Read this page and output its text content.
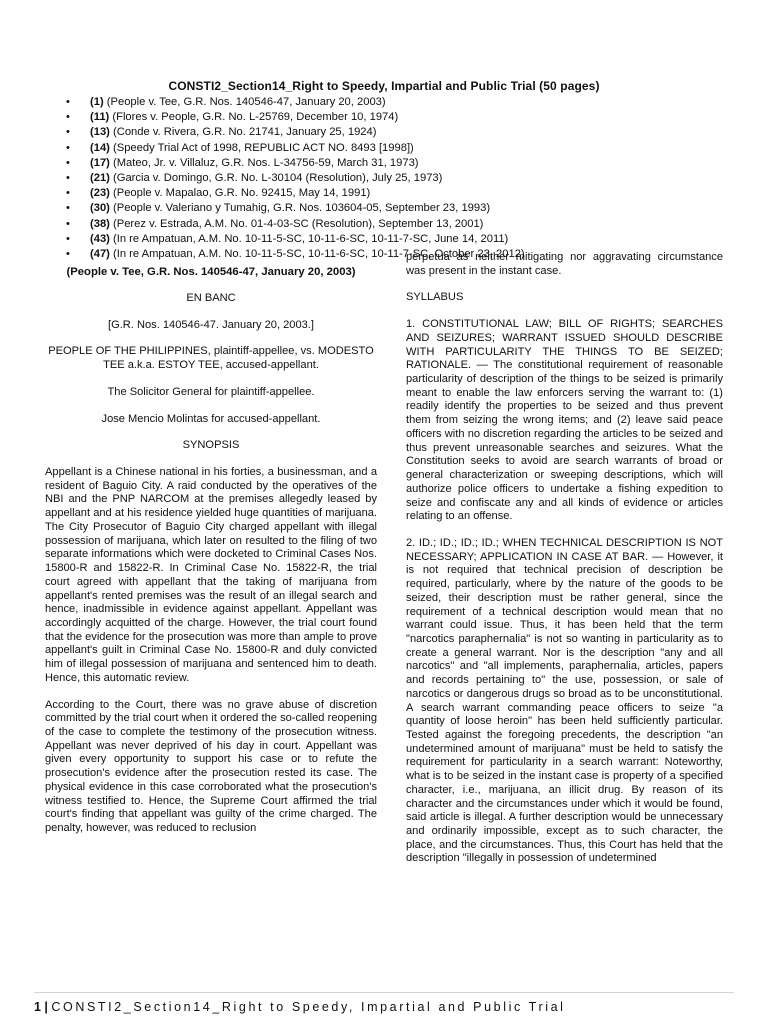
CONSTI2_Section14_Right to Speedy, Impartial and Public Trial (50 pages)
•(1) (People v. Tee, G.R. Nos. 140546-47, January 20, 2003)
•(11) (Flores v. People, G.R. No. L-25769, December 10, 1974)
•(13) (Conde v. Rivera, G.R. No. 21741, January 25, 1924)
•(14) (Speedy Trial Act of 1998, REPUBLIC ACT NO. 8493 [1998])
•(17) (Mateo, Jr. v. Villaluz, G.R. Nos. L-34756-59, March 31, 1973)
•(21) (Garcia v. Domingo, G.R. No. L-30104 (Resolution), July 25, 1973)
•(23) (People v. Mapalao, G.R. No. 92415, May 14, 1991)
•(30) (People v. Valeriano y Tumahig, G.R. Nos. 103604-05, September 23, 1993)
•(38) (Perez v. Estrada, A.M. No. 01-4-03-SC (Resolution), September 13, 2001)
•(43) (In re Ampatuan, A.M. No. 10-11-5-SC, 10-11-6-SC, 10-11-7-SC, June 14, 2011)
•(47) (In re Ampatuan, A.M. No. 10-11-5-SC, 10-11-6-SC, 10-11-7-SC, October 23, 2012)

(People v. Tee, G.R. Nos. 140546-47, January 20, 2003)

EN BANC

[G.R. Nos. 140546-47. January 20, 2003.]

PEOPLE OF THE PHILIPPINES, plaintiff-appellee, vs. MODESTO TEE a.k.a. ESTOY TEE, accused-appellant.

The Solicitor General for plaintiff-appellee.

Jose Mencio Molintas for accused-appellant.

SYNOPSIS

Appellant is a Chinese national in his forties, a businessman, and a resident of Baguio City. A raid conducted by the operatives of the NBI and the PNP NARCOM at the premises allegedly leased by appellant and at his residence yielded huge quantities of marijuana. The City Prosecutor of Baguio City charged appellant with illegal possession of marijuana, which later on resulted to the filing of two separate informations which were docketed to Criminal Cases Nos. 15800-R and 15822-R. In Criminal Case No. 15822-R, the trial court agreed with appellant that the taking of marijuana from appellant's rented premises was the result of an illegal search and hence, inadmissible in evidence against appellant. Appellant was accordingly acquitted of the charge. However, the trial court found that the evidence for the prosecution was more than ample to prove appellant's guilt in Criminal Case No. 15800-R and duly convicted him of illegal possession of marijuana and sentenced him to death. Hence, this automatic review.

According to the Court, there was no grave abuse of discretion committed by the trial court when it ordered the so-called reopening of the case to complete the testimony of the prosecution witness. Appellant was never deprived of his day in court. Appellant was given every opportunity to support his case or to refute the prosecution's evidence after the prosecution rested its case. The physical evidence in this case corroborated what the prosecution's witness testified to. Hence, the Supreme Court affirmed the trial court's finding that appellant was guilty of the crime charged. The penalty, however, was reduced to reclusion

perpetua as neither mitigating nor aggravating circumstance was present in the instant case.

SYLLABUS

1. CONSTITUTIONAL LAW; BILL OF RIGHTS; SEARCHES AND SEIZURES; WARRANT ISSUED SHOULD DESCRIBE WITH PARTICULARITY THE THINGS TO BE SEIZED; RATIONALE. — The constitutional requirement of reasonable particularity of description of the things to be seized is primarily meant to enable the law enforcers serving the warrant to: (1) readily identify the properties to be seized and thus prevent them from seizing the wrong items; and (2) leave said peace officers with no discretion regarding the articles to be seized and thus prevent unreasonable searches and seizures. What the Constitution seeks to avoid are search warrants of broad or general characterization or sweeping descriptions, which will authorize police officers to undertake a fishing expedition to seize and confiscate any and all kinds of evidence or articles relating to an offense.

2. ID.; ID.; ID.; ID.; WHEN TECHNICAL DESCRIPTION IS NOT NECESSARY; APPLICATION IN CASE AT BAR. — However, it is not required that technical precision of description be required, particularly, where by the nature of the goods to be seized, their description must be rather general, since the requirement of a technical description would mean that no warrant could issue. Thus, it has been held that the term "narcotics paraphernalia" is not so wanting in particularity as to create a general warrant. Nor is the description "any and all narcotics" and "all implements, paraphernalia, articles, papers and records pertaining to" the use, possession, or sale of narcotics or dangerous drugs so broad as to be unconstitutional. A search warrant commanding peace officers to seize "a quantity of loose heroin" has been held sufficiently particular. Tested against the foregoing precedents, the description "an undetermined amount of marijuana" must be held to satisfy the requirement for particularity in a search warrant: Noteworthy, what is to be seized in the instant case is property of a specified character, i.e., marijuana, an illicit drug. By reason of its character and the circumstances under which it would be found, said article is illegal. A further description would be unnecessary and ordinarily impossible, except as to such character, the place, and the circumstances. Thus, this Court has held that the description "illegally in possession of undetermined

1 | CONSTI2_Section14_Right to Speedy, Impartial and Public Trial
